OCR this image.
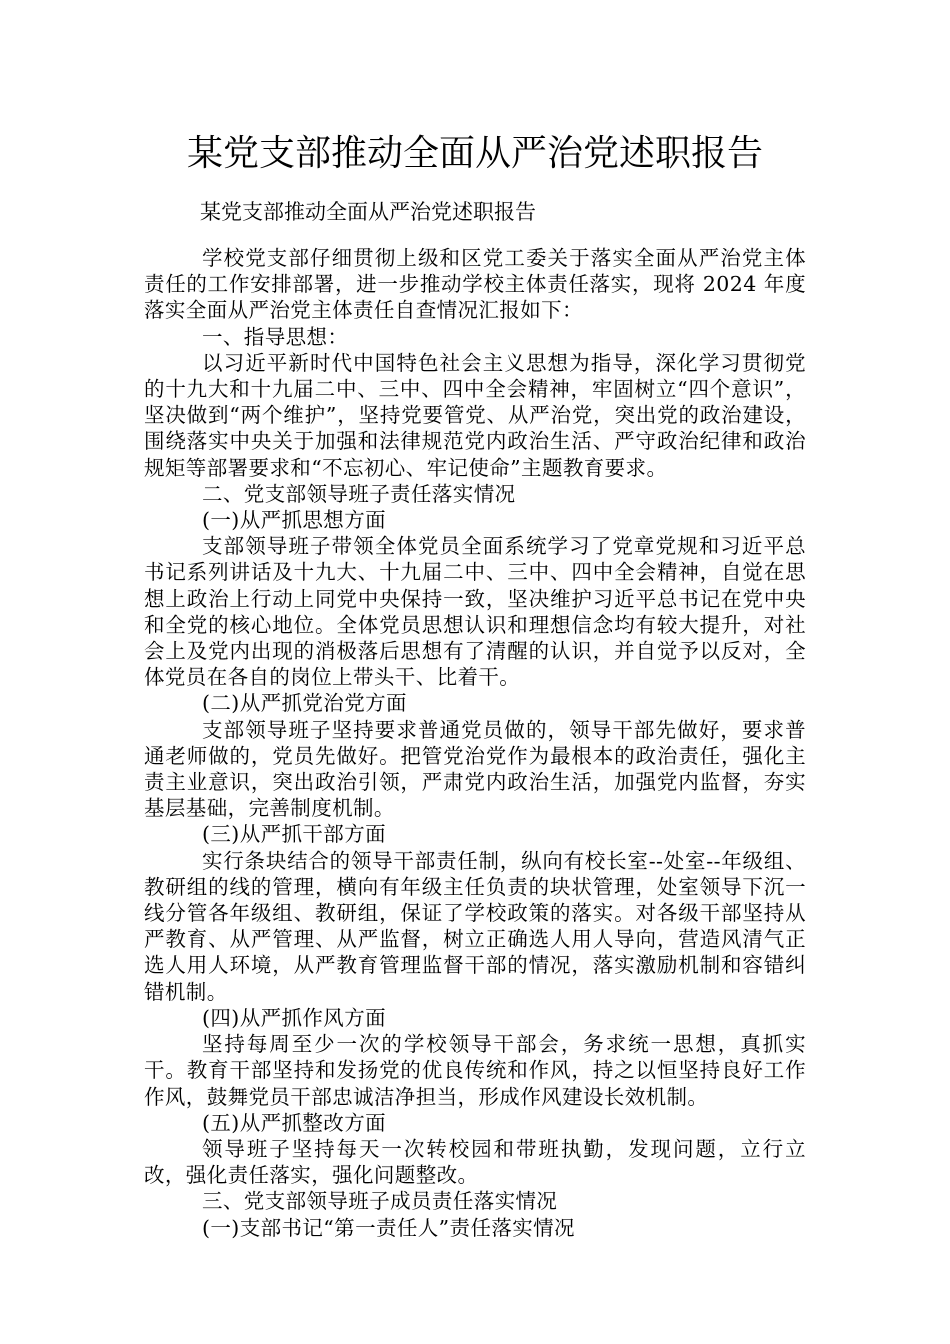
某党支部推动全面从严治党述职报告
某党支部推动全面从严治党述职报告

学校党支部仔细贯彻上级和区党工委关于落实全面从严治党主体责任的工作安排部署，进一步推动学校主体责任落实，现将 2024 年度落实全面从严治党主体责任自查情况汇报如下：

一、指导思想：

以习近平新时代中国特色社会主义思想为指导，深化学习贯彻党的十九大和十九届二中、三中、四中全会精神，牢固树立“四个意识”，坚决做到“两个维护”，坚持党要管党、从严治党，突出党的政治建设，围绕落实中央关于加强和法律规范党内政治生活、严守政治纪律和政治规矩等部署要求和“不忘初心、牢记使命”主题教育要求。

二、党支部领导班子责任落实情况

(一)从严抓思想方面

支部领导班子带领全体党员全面系统学习了党章党规和习近平总书记系列讲话及十九大、十九届二中、三中、四中全会精神，自觉在思想上政治上行动上同党中央保持一致，坚决维护习近平总书记在党中央和全党的核心地位。全体党员思想认识和理想信念均有较大提升，对社会上及党内出现的消极落后思想有了清醒的认识，并自觉予以反对，全体党员在各自的岗位上带头干、比着干。

(二)从严抓党治党方面

支部领导班子坚持要求普通党员做的，领导干部先做好，要求普通老师做的，党员先做好。把管党治党作为最根本的政治责任，强化主责主业意识，突出政治引领，严肃党内政治生活，加强党内监督，夯实基层基础，完善制度机制。

(三)从严抓干部方面

实行条块结合的领导干部责任制，纵向有校长室--处室--年级组、教研组的线的管理，横向有年级主任负责的块状管理，处室领导下沉一线分管各年级组、教研组，保证了学校政策的落实。对各级干部坚持从严教育、从严管理、从严监督，树立正确选人用人导向，营造风清气正选人用人环境，从严教育管理监督干部的情况，落实激励机制和容错纠错机制。

(四)从严抓作风方面

坚持每周至少一次的学校领导干部会，务求统一思想，真抓实干。教育干部坚持和发扬党的优良传统和作风，持之以恒坚持良好工作作风，鼓舞党员干部忠诚洁净担当，形成作风建设长效机制。

(五)从严抓整改方面

领导班子坚持每天一次转校园和带班执勤，发现问题，立行立改，强化责任落实，强化问题整改。

三、党支部领导班子成员责任落实情况

(一)支部书记“第一责任人”责任落实情况
